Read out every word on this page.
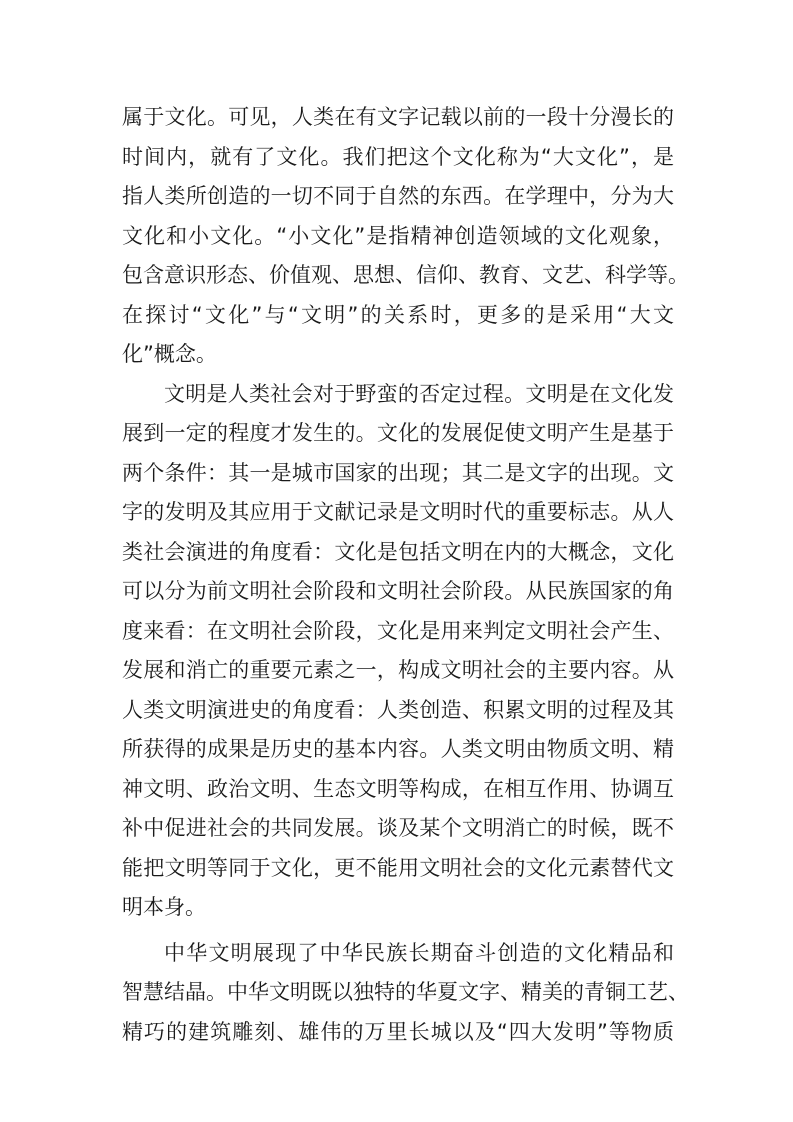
属于文化。可见，人类在有文字记载以前的一段十分漫长的

时间内，就有了文化。我们把这个文化称为“大文化”，是

指人类所创造的一切不同于自然的东西。在学理中，分为大

文化和小文化。“小文化”是指精神创造领域的文化观象，

包含意识形态、价值观、思想、信仰、教育、文艺、科学等。

在探讨“文化”与“文明”的关系时，更多的是采用“大文

化”概念。

文明是人类社会对于野蛮的否定过程。文明是在文化发

展到一定的程度才发生的。文化的发展促使文明产生是基于

两个条件：其一是城市国家的出现；其二是文字的出现。文

字的发明及其应用于文献记录是文明时代的重要标志。从人

类社会演进的角度看：文化是包括文明在内的大概念，文化

可以分为前文明社会阶段和文明社会阶段。从民族国家的角

度来看：在文明社会阶段，文化是用来判定文明社会产生、

发展和消亡的重要元素之一，构成文明社会的主要内容。从

人类文明演进史的角度看：人类创造、积累文明的过程及其

所获得的成果是历史的基本内容。人类文明由物质文明、精

神文明、政治文明、生态文明等构成，在相互作用、协调互

补中促进社会的共同发展。谈及某个文明消亡的时候，既不

能把文明等同于文化，更不能用文明社会的文化元素替代文

明本身。

中华文明展现了中华民族长期奋斗创造的文化精品和

智慧结晶。中华文明既以独特的华夏文字、精美的青铜工艺、

精巧的建筑雕刻、雄伟的万里长城以及“四大发明”等物质
